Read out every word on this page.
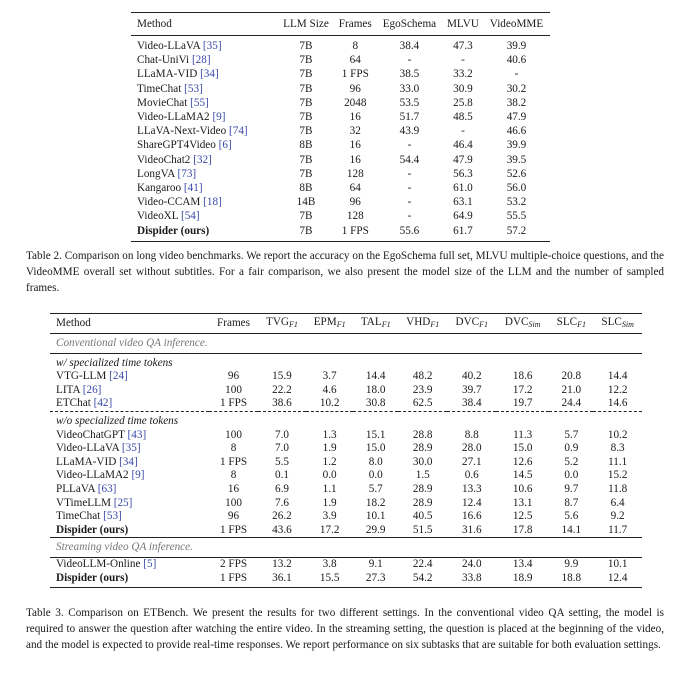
Method	LLM Size	Frames	EgoSchema	MLVU	VideoMME
Video-LLaVA [35]	7B	8	38.4	47.3	39.9
Chat-UniVi [28]	7B	64	-	-	40.6
LLaMA-VID [34]	7B	1 FPS	38.5	33.2	-
TimeChat [53]	7B	96	33.0	30.9	30.2
MovieChat [55]	7B	2048	53.5	25.8	38.2
Video-LLaMA2 [9]	7B	16	51.7	48.5	47.9
LLaVA-Next-Video [74]	7B	32	43.9	-	46.6
ShareGPT4Video [6]	8B	16	-	46.4	39.9
VideoChat2 [32]	7B	16	54.4	47.9	39.5
LongVA [73]	7B	128	-	56.3	52.6
Kangaroo [41]	8B	64	-	61.0	56.0
Video-CCAM [18]	14B	96	-	63.1	53.2
VideoXL [54]	7B	128	-	64.9	55.5
Dispider (ours)	7B	1 FPS	55.6	61.7	57.2

Table 2. Comparison on long video benchmarks. We report the accuracy on the EgoSchema full set, MLVU multiple-choice questions, and the VideoMME overall set without subtitles. For a fair comparison, we also present the model size of the LLM and the number of sampled frames.

Method	Frames	$TVG_{F1}$	$EPM_{F1}$	$TAL_{F1}$	$VHD_{F1}$	$DVC_{F1}$	$DVC_{Sim}$	$SLC_{F1}$	$SLC_{Sim}$
Conventional video QA inference.									
w/ specialized time tokens									
VTG-LLM [24]	96	15.9	3.7	14.4	48.2	40.2	18.6	20.8	14.4
LITA [26]	100	22.2	4.6	18.0	23.9	39.7	17.2	21.0	12.2
ETChat [42]	1 FPS	38.6	10.2	30.8	62.5	38.4	19.7	24.4	14.6
w/o specialized time tokens									
VideoChatGPT [43]	100	7.0	1.3	15.1	28.8	8.8	11.3	5.7	10.2
Video-LLaVA [35]	8	7.0	1.9	15.0	28.9	28.0	15.0	0.9	8.3
LLaMA-VID [34]	1 FPS	5.5	1.2	8.0	30.0	27.1	12.6	5.2	11.1
Video-LLaMA2 [9]	8	0.1	0.0	0.0	1.5	0.6	14.5	0.0	15.2
PLLaVA [63]	16	6.9	1.1	5.7	28.9	13.3	10.6	9.7	11.8
VTimeLLM [25]	100	7.6	1.9	18.2	28.9	12.4	13.1	8.7	6.4
TimeChat [53]	96	26.2	3.9	10.1	40.5	16.6	12.5	5.6	9.2
Dispider (ours)	1 FPS	43.6	17.2	29.9	51.5	31.6	17.8	14.1	11.7
Streaming video QA inference.									
VideoLLM-Online [5]	2 FPS	13.2	3.8	9.1	22.4	24.0	13.4	9.9	10.1
Dispider (ours)	1 FPS	36.1	15.5	27.3	54.2	33.8	18.9	18.8	12.4

Table 3. Comparison on ETBench. We present the results for two different settings. In the conventional video QA setting, the model is required to answer the question after watching the entire video. In the streaming setting, the question is placed at the beginning of the video, and the model is expected to provide real-time responses. We report performance on six subtasks that are suitable for both evaluation settings.
